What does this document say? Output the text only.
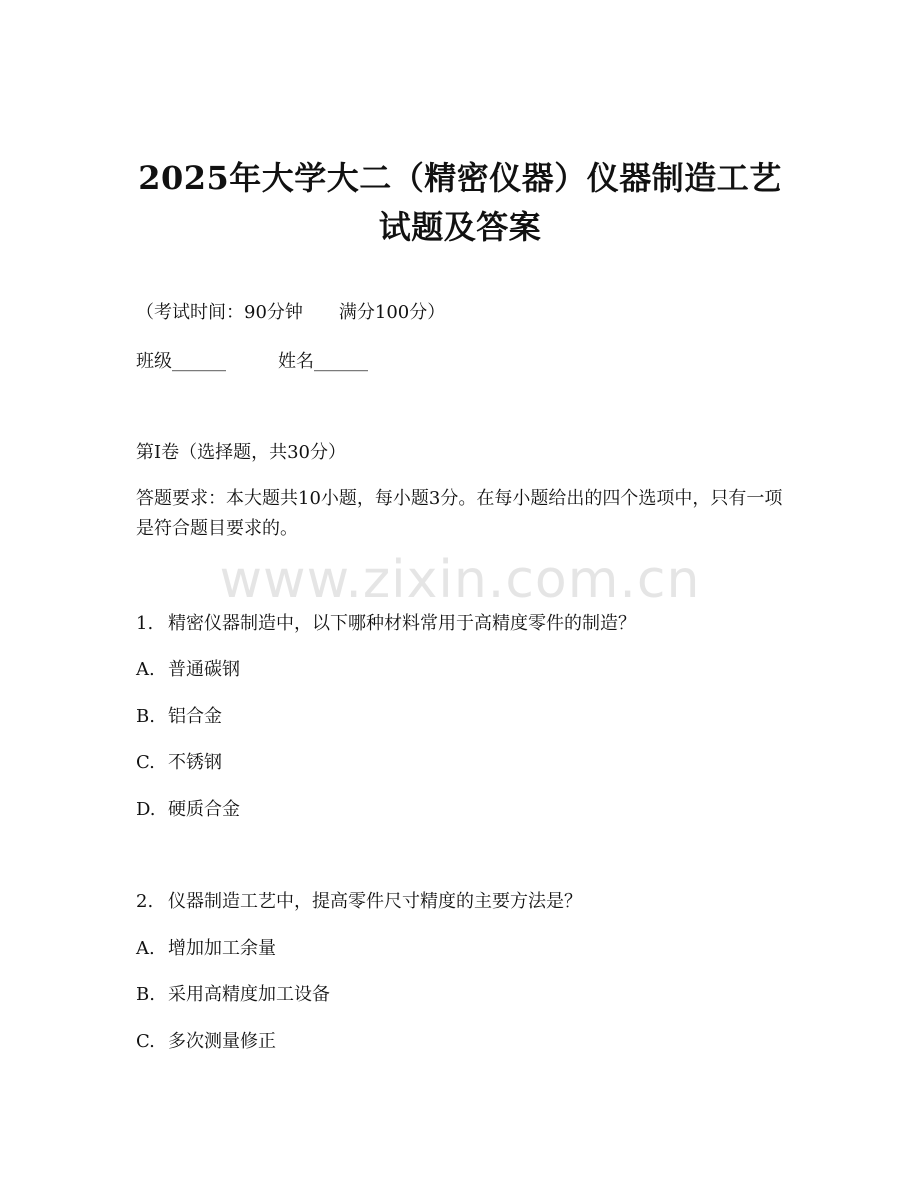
2025年大学大二（精密仪器）仪器制造工艺
试题及答案
（考试时间：90分钟　　满分100分）
班级______	姓名______
第I卷（选择题，共30分）
答题要求：本大题共10小题，每小题3分。在每小题给出的四个选项中，只有一项是符合题目要求的。
www.zixin.com.cn
1. 精密仪器制造中，以下哪种材料常用于高精度零件的制造？
A. 普通碳钢
B. 铝合金
C. 不锈钢
D. 硬质合金
2. 仪器制造工艺中，提高零件尺寸精度的主要方法是？
A. 增加加工余量
B. 采用高精度加工设备
C. 多次测量修正
